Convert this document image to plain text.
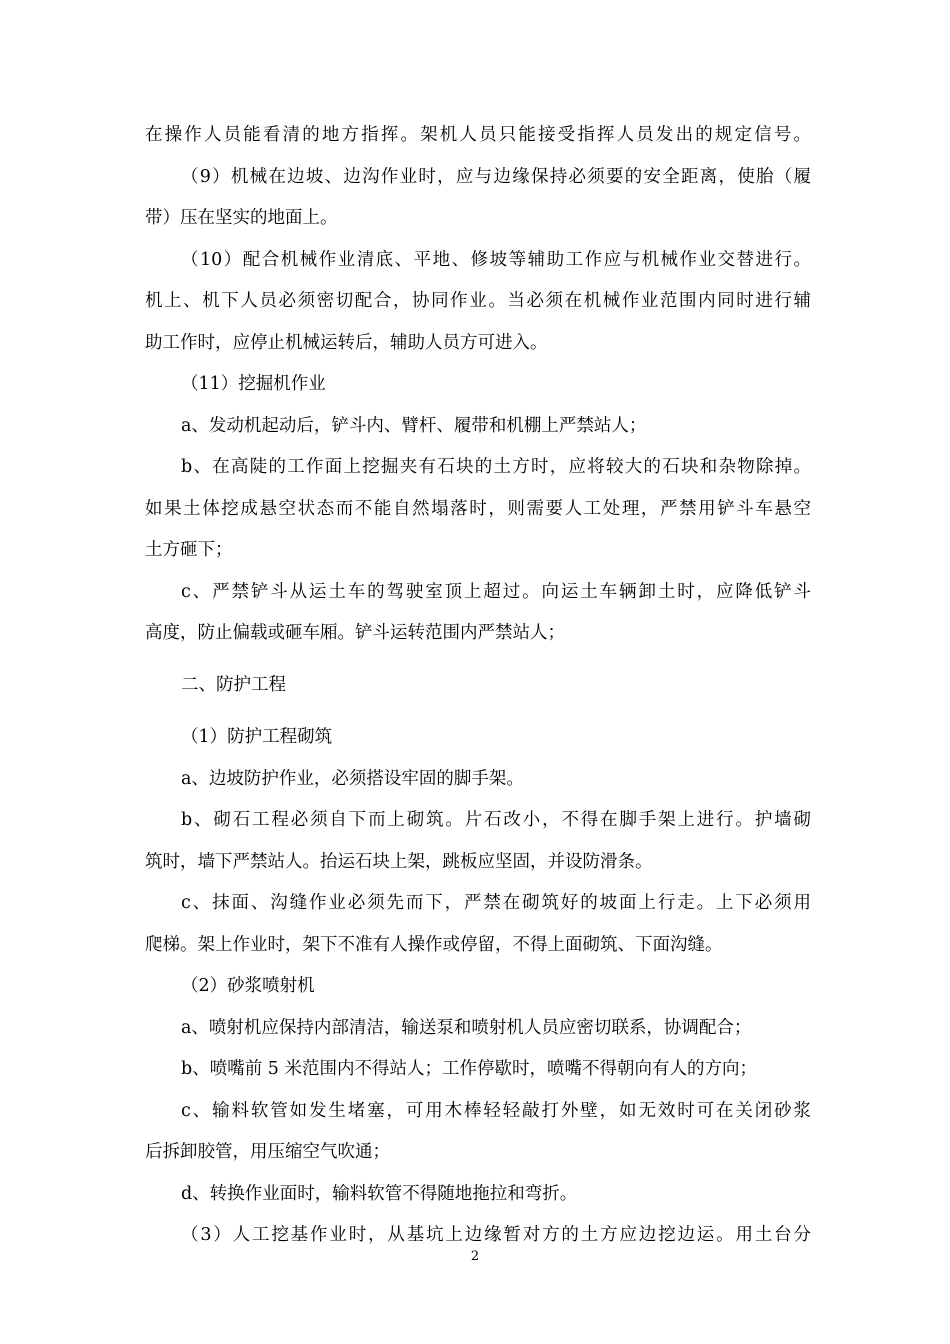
在操作人员能看清的地方指挥。架机人员只能接受指挥人员发出的规定信号。
（9）机械在边坡、边沟作业时，应与边缘保持必须要的安全距离，使胎（履
带）压在坚实的地面上。
（10）配合机械作业清底、平地、修坡等辅助工作应与机械作业交替进行。
机上、机下人员必须密切配合，协同作业。当必须在机械作业范围内同时进行辅
助工作时，应停止机械运转后，辅助人员方可进入。
（11）挖掘机作业
a、发动机起动后，铲斗内、臂杆、履带和机棚上严禁站人；
b、在高陡的工作面上挖掘夹有石块的土方时，应将较大的石块和杂物除掉。
如果土体挖成悬空状态而不能自然塌落时，则需要人工处理，严禁用铲斗车悬空
土方砸下；
c、严禁铲斗从运土车的驾驶室顶上超过。向运土车辆卸土时，应降低铲斗
高度，防止偏载或砸车厢。铲斗运转范围内严禁站人；
二、防护工程
（1）防护工程砌筑
a、边坡防护作业，必须搭设牢固的脚手架。
b、砌石工程必须自下而上砌筑。片石改小，不得在脚手架上进行。护墙砌
筑时，墙下严禁站人。抬运石块上架，跳板应坚固，并设防滑条。
c、抹面、沟缝作业必须先而下，严禁在砌筑好的坡面上行走。上下必须用
爬梯。架上作业时，架下不准有人操作或停留，不得上面砌筑、下面沟缝。
（2）砂浆喷射机
a、喷射机应保持内部清洁，输送泵和喷射机人员应密切联系，协调配合；
b、喷嘴前 5 米范围内不得站人；工作停歇时，喷嘴不得朝向有人的方向；
c、输料软管如发生堵塞，可用木棒轻轻敲打外壁，如无效时可在关闭砂浆
后拆卸胶管，用压缩空气吹通；
d、转换作业面时，输料软管不得随地拖拉和弯折。
（3）人工挖基作业时，从基坑上边缘暂对方的土方应边挖边运。用土台分
2
